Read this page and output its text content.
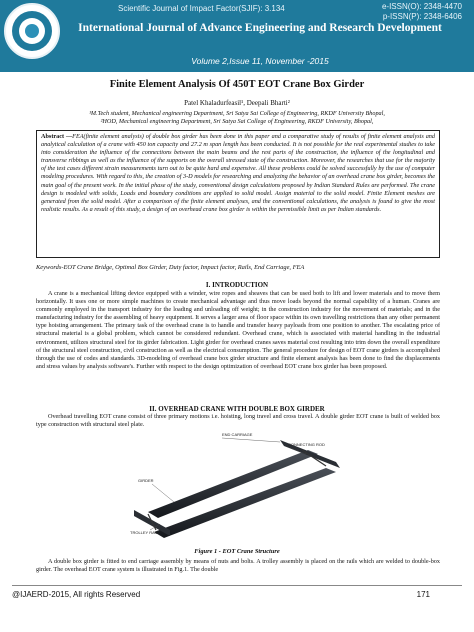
Scientific Journal of Impact Factor(SJIF): 3.134	e-ISSN(O): 2348-4470
p-ISSN(P): 2348-6406
International Journal of Advance Engineering and Research Development
Volume 2,Issue 11, November -2015
Finite Element Analysis Of 450T EOT Crane Box Girder
Patel Khaladurfeasil¹, Deepali Bharti²
¹M.Tech student, Mechanical engineering Department, Sri Satya Sai College of Engineering, RKDF University Bhopal,
²HOD, Mechanical engineering Department, Sri Satya Sai College of Engineering, RKDF University, Bhopal,
Abstract —FEA(finite element analysis) of double box girder has been done in this paper and a comparative study of results of finite element analysis and analytical calculation of a crane with 450 ton capacity and 27.2 m span length has been conducted. It is not possible for the real experimental studies to take into consideration the influence of the connections between the main beams and the rest parts of the construction, the influence of the longitudinal and transverse ribbings as well as the influence of the supports on the overall stressed state of the construction. Moreover, the researches that use for the majority of the test cases different strain measurements turn out to be quite hard and expensive. All these problems could be solved successfully by the use of computer modeling procedures. With regard to this, the creation of 3-D models for researching and analyzing the behavior of an overhead crane box girder, becomes the main goal of the present work. In the initial phase of the study, conventional design calculations proposed by Indian Standard Rules are performed. The crane design is modeled with solids, Loads and boundary conditions are applied to solid model. Assign material to the solid model. Finite Element meshes are generated from the solid model. After a comparison of the finite element analyses, and the conventional calculations, the analysis is found to give the most realistic results. As a result of this study, a design of an overhead crane box girder is within the permissible limit as per Indian standards.
Keywords-EOT Crane Bridge, Optimal Box Girder, Duty factor, Impact factor, Rails, End Carriage, FEA
I. INTRODUCTION
A crane is a mechanical lifting device equipped with a winder, wire ropes and sheaves that can be used both to lift and lower materials and to move them horizontally. It uses one or more simple machines to create mechanical advantage and thus move loads beyond the normal capability of a human. Cranes are commonly employed in the transport industry for the loading and unloading off weight; in the construction industry for the movement of materials; and in the manufacturing industry for the assembling of heavy equipment. It serves a larger area of floor space within its own travelling restrictions than any other permanent type hoisting arrangement. The primary task of the overhead crane is to handle and transfer heavy payloads from one position to another. The escalating price of structural material is a global problem, which cannot be considered redundant. Overhead crane, which is associated with material handling in the industrial environment, utilizes structural steel for its girder fabrication. Light girder for overhead cranes saves material cost resulting into trim down the overall expenditure of the structural steel construction, civil construction as well as the electrical consumption. The general procedure for design of EOT crane girders is accomplished through the use of codes and standards. 3D-modeling of overhead crane box girder structure and finite element analysis has been done to find the displacements and stress values by analysis software's. Further with respect to the design optimization of overhead EOT crane box girder has been proposed.
II. OVERHEAD CRANE WITH DOUBLE BOX GIRDER
Overhead travelling EOT crane consist of three primary motions i.e. hoisting, long travel and cross travel. A double girder EOT crane is built of welded box type construction with structural steel plate.
END CARRIAGE
CONNECTING ROD
GIRDER
TROLLEY RAIL
Figure 1 - EOT Crane Structure
A double box girder is fitted to end carriage assembly by means of nuts and bolts. A trolley assembly is placed on the rails which are welded to double-box girder. The overhead EOT crane system is illustrated in Fig.1. The double
@IJAERD-2015, All rights Reserved	171
